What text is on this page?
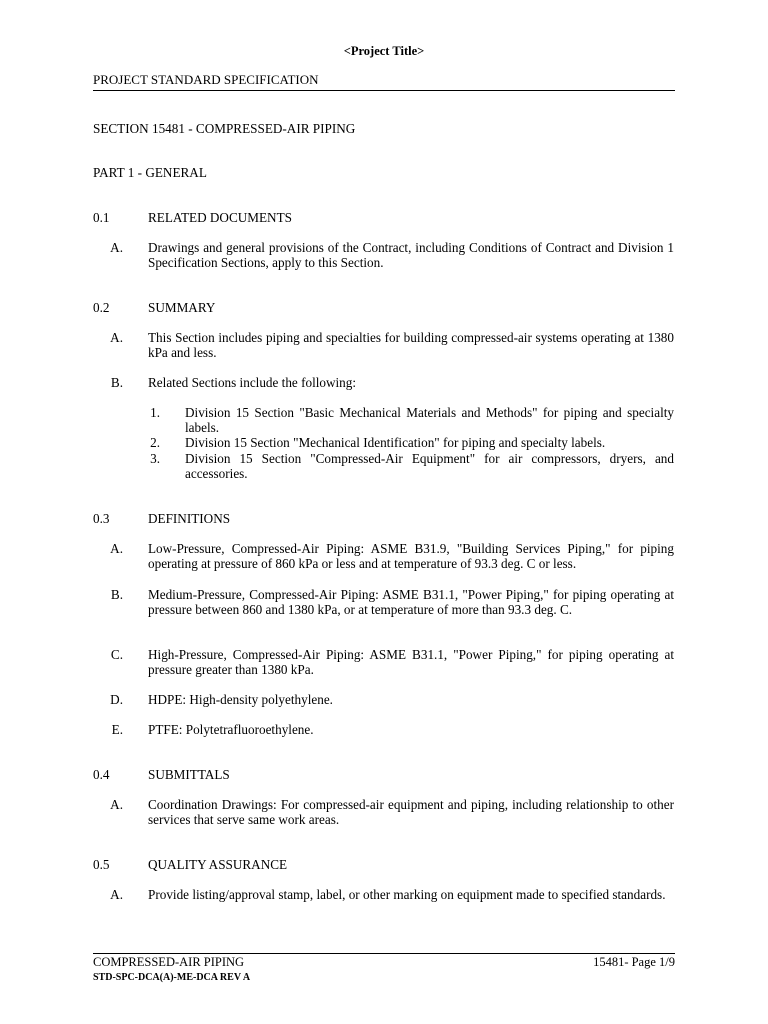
<Project Title>
PROJECT STANDARD SPECIFICATION
SECTION 15481 - COMPRESSED-AIR PIPING
PART 1 - GENERAL
0.1	RELATED DOCUMENTS
A. Drawings and general provisions of the Contract, including Conditions of Contract and Division 1 Specification Sections, apply to this Section.
0.2	SUMMARY
A. This Section includes piping and specialties for building compressed-air systems operating at 1380 kPa and less.
B. Related Sections include the following:
1. Division 15 Section "Basic Mechanical Materials and Methods" for piping and specialty labels.
2. Division 15 Section "Mechanical Identification" for piping and specialty labels.
3. Division 15 Section "Compressed-Air Equipment" for air compressors, dryers, and accessories.
0.3	DEFINITIONS
A. Low-Pressure, Compressed-Air Piping: ASME B31.9, "Building Services Piping," for piping operating at pressure of 860 kPa or less and at temperature of 93.3 deg. C or less.
B. Medium-Pressure, Compressed-Air Piping: ASME B31.1, "Power Piping," for piping operating at pressure between 860 and 1380 kPa, or at temperature of more than 93.3 deg. C.
C. High-Pressure, Compressed-Air Piping: ASME B31.1, "Power Piping," for piping operating at pressure greater than 1380 kPa.
D. HDPE: High-density polyethylene.
E. PTFE: Polytetrafluoroethylene.
0.4	SUBMITTALS
A. Coordination Drawings: For compressed-air equipment and piping, including relationship to other services that serve same work areas.
0.5	QUALITY ASSURANCE
A. Provide listing/approval stamp, label, or other marking on equipment made to specified standards.
COMPRESSED-AIR PIPING	15481- Page 1/9
STD-SPC-DCA(A)-ME-DCA REV A
